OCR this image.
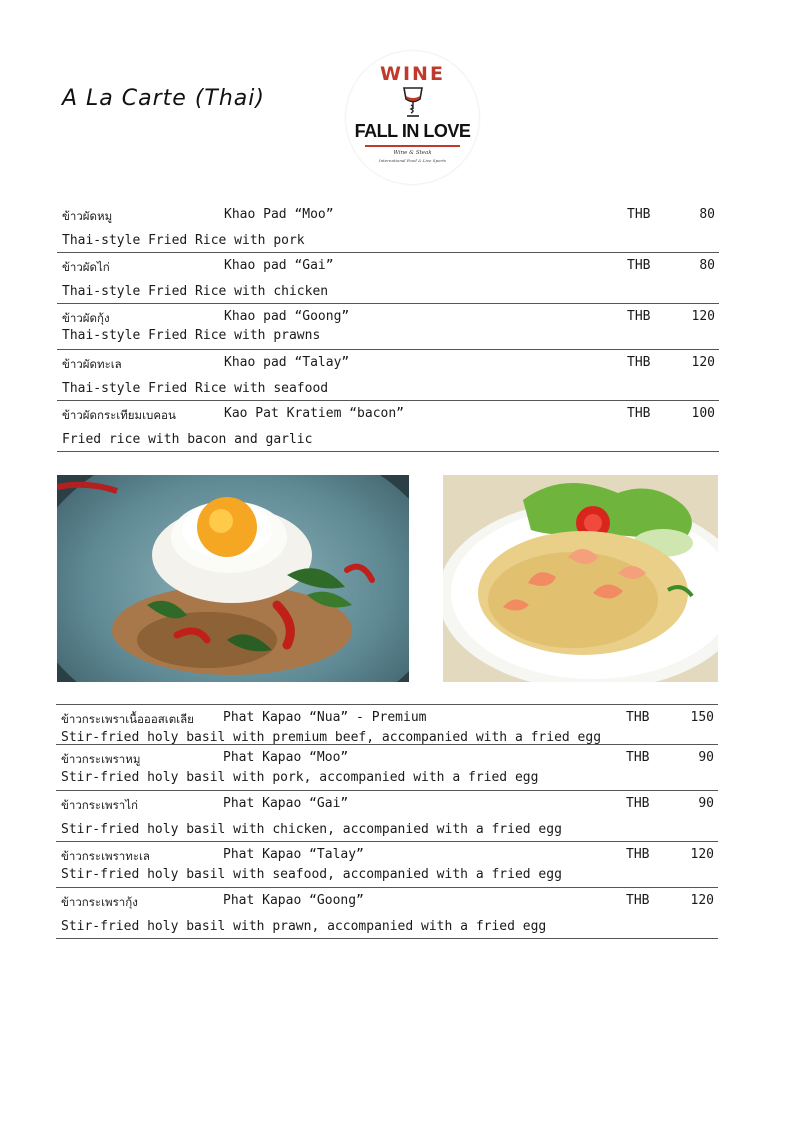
A La Carte (Thai)
WINE
FALL IN LOVE
Wine & Steak
International Food & Live Sports
ข้าวผัดหมู	Khao Pad “Moo”	THB	80
Thai-style Fried Rice with pork
ข้าวผัดไก่	Khao pad “Gai”	THB	80
Thai-style Fried Rice with chicken
ข้าวผัดกุ้ง	Khao pad “Goong”	THB	120
Thai-style Fried Rice with prawns
ข้าวผัดทะเล	Khao pad “Talay”	THB	120
Thai-style Fried Rice with seafood
ข้าวผัดกระเทียมเบคอน	Kao Pat Kratiem “bacon”	THB	100
Fried rice with bacon and garlic
ข้าวกระเพราเนื้อออสเตเลีย Phat Kapao “Nua” - Premium	THB	150
Stir-fried holy basil with premium beef, accompanied with a fried egg
ข้าวกระเพราหมู	Phat Kapao “Moo”	THB	90
Stir-fried holy basil with pork, accompanied with a fried egg
ข้าวกระเพราไก่	Phat Kapao “Gai”	THB	90
Stir-fried holy basil with chicken, accompanied with a fried egg
ข้าวกระเพราทะเล	Phat Kapao “Talay”	THB	120
Stir-fried holy basil with seafood, accompanied with a fried egg
ข้าวกระเพรากุ้ง	Phat Kapao “Goong”	THB	120
Stir-fried holy basil with prawn, accompanied with a fried egg
